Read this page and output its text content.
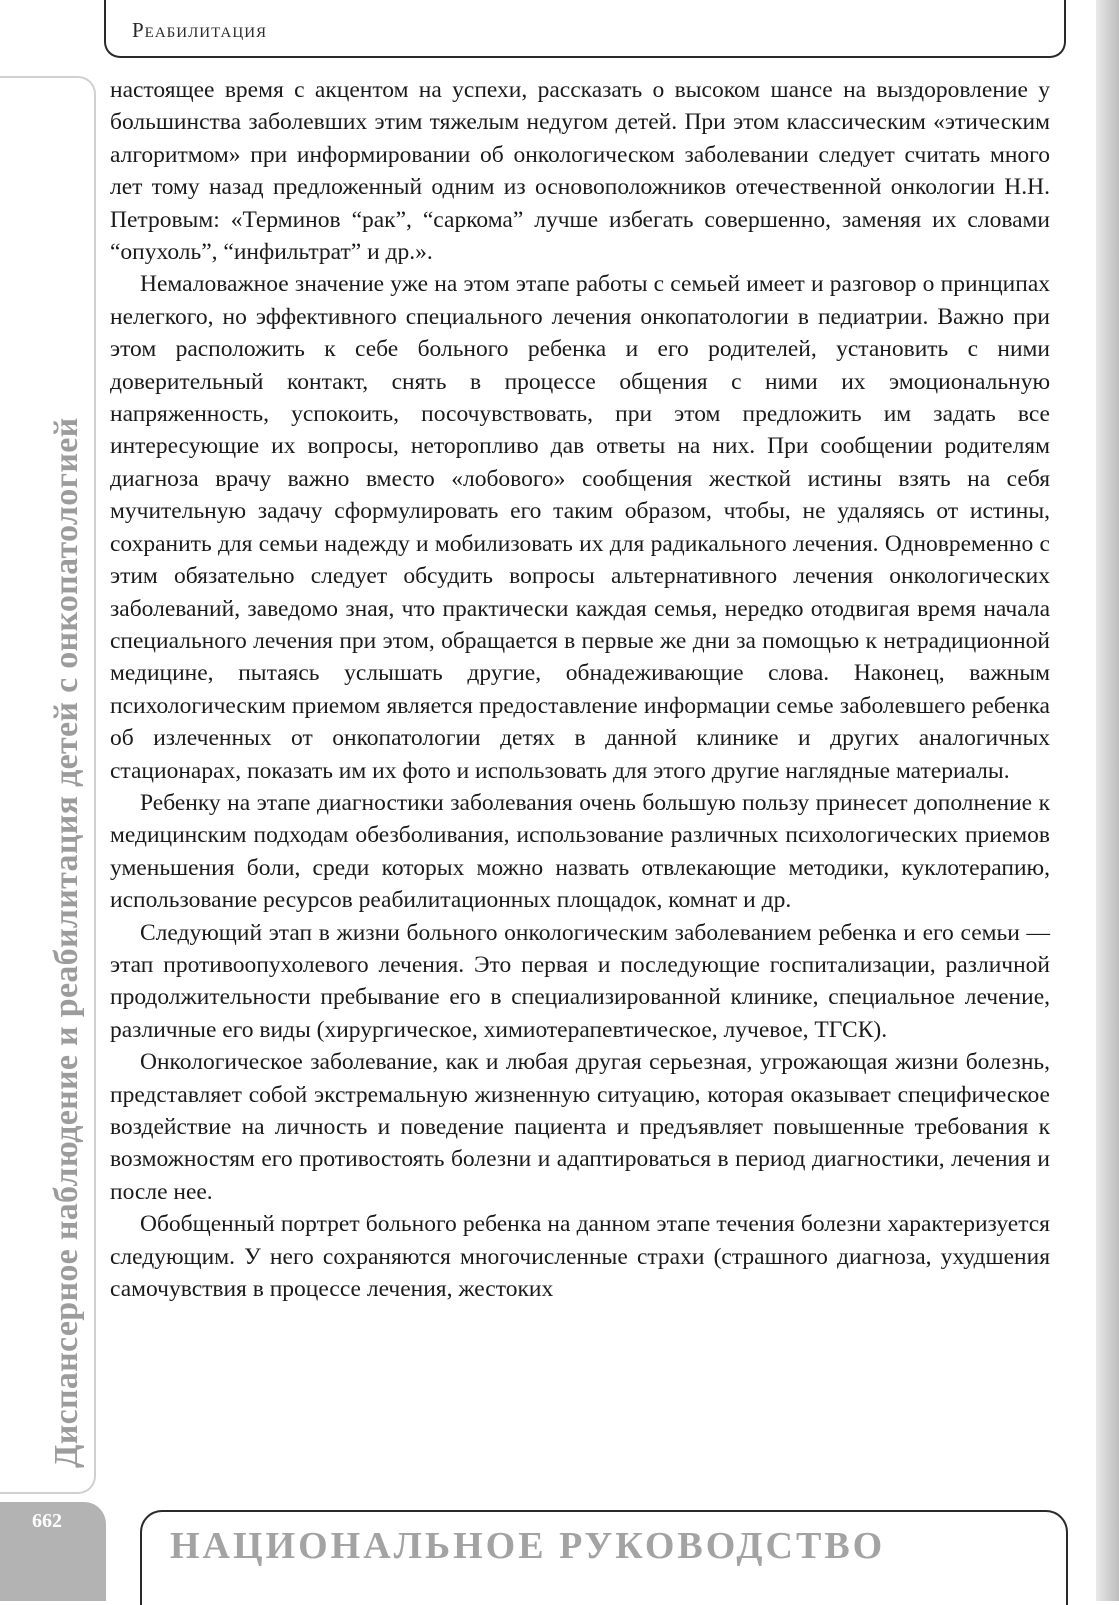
Реабилитация
Диспансерное наблюдение и реабилитация детей с онкопатологией

настоящее время с акцентом на успехи, рассказать о высоком шансе на выздоровление у большинства заболевших этим тяжелым недугом детей. При этом классическим «этическим алгоритмом» при информировании об онкологическом заболевании следует считать много лет тому назад предложенный одним из основоположников отечественной онкологии Н.Н. Петровым: «Терминов “рак”, “саркома” лучше избегать совершенно, заменяя их словами “опухоль”, “инфильтрат” и др.».

Немаловажное значение уже на этом этапе работы с семьей имеет и разговор о принципах нелегкого, но эффективного специального лечения онкопатологии в педиатрии. Важно при этом расположить к себе больного ребенка и его родителей, установить с ними доверительный контакт, снять в процессе общения с ними их эмоциональную напряженность, успокоить, посочувствовать, при этом предложить им задать все интересующие их вопросы, неторопливо дав ответы на них. При сообщении родителям диагноза врачу важно вместо «лобового» сообщения жесткой истины взять на себя мучительную задачу сформулировать его таким образом, чтобы, не удаляясь от истины, сохранить для семьи надежду и мобилизовать их для радикального лечения. Одновременно с этим обязательно следует обсудить вопросы альтернативного лечения онкологических заболеваний, заведомо зная, что практически каждая семья, нередко отодвигая время начала специального лечения при этом, обращается в первые же дни за помощью к нетрадиционной медицине, пытаясь услышать другие, обнадеживающие слова. Наконец, важным психологическим приемом является предоставление информации семье заболевшего ребенка об излеченных от онкопатологии детях в данной клинике и других аналогичных стационарах, показать им их фото и использовать для этого другие наглядные материалы.

Ребенку на этапе диагностики заболевания очень большую пользу принесет дополнение к медицинским подходам обезболивания, использование различных психологических приемов уменьшения боли, среди которых можно назвать отвлекающие методики, куклотерапию, использование ресурсов реабилитационных площадок, комнат и др.

Следующий этап в жизни больного онкологическим заболеванием ребенка и его семьи — этап противоопухолевого лечения. Это первая и последующие госпитализации, различной продолжительности пребывание его в специализированной клинике, специальное лечение, различные его виды (хирургическое, химиотерапевтическое, лучевое, ТГСК).

Онкологическое заболевание, как и любая другая серьезная, угрожающая жизни болезнь, представляет собой экстремальную жизненную ситуацию, которая оказывает специфическое воздействие на личность и поведение пациента и предъявляет повышенные требования к возможностям его противостоять болезни и адаптироваться в период диагностики, лечения и после нее.

Обобщенный портрет больного ребенка на данном этапе течения болезни характеризуется следующим. У него сохраняются многочисленные страхи (страшного диагноза, ухудшения самочувствия в процессе лечения, жестоких

662
НАЦИОНАЛЬНОЕ РУКОВОДСТВО
